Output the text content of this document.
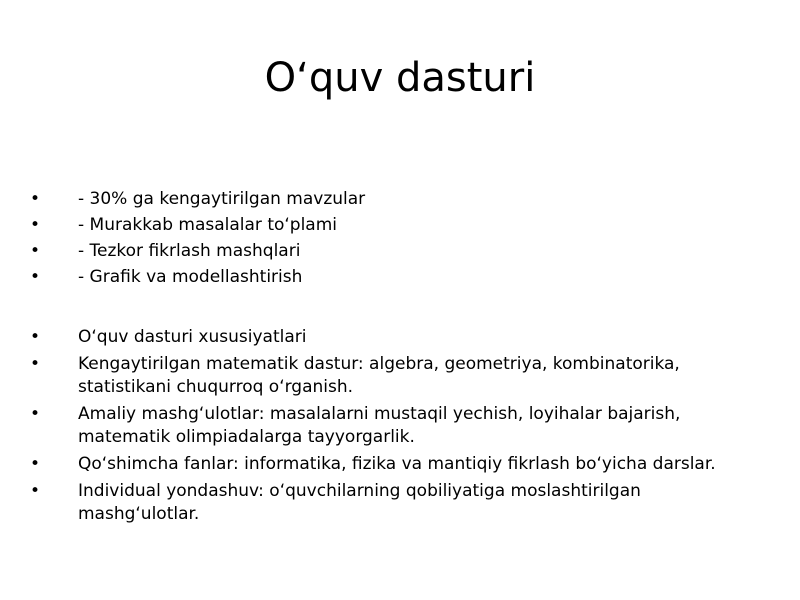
O‘quv dasturi
•	- 30% ga kengaytirilgan mavzular
•	- Murakkab masalalar to‘plami
•	- Tezkor fikrlash mashqlari
•	- Grafik va modellashtirish
•	O‘quv dasturi xususiyatlari
•	Kengaytirilgan matematik dastur: algebra, geometriya, kombinatorika, statistikani chuqurroq o‘rganish.
•	Amaliy mashg‘ulotlar: masalalarni mustaqil yechish, loyihalar bajarish, matematik olimpiadalarga tayyorgarlik.
•	Qo‘shimcha fanlar: informatika, fizika va mantiqiy fikrlash bo‘yicha darslar.
•	Individual yondashuv: o‘quvchilarning qobiliyatiga moslashtirilgan mashg‘ulotlar.
